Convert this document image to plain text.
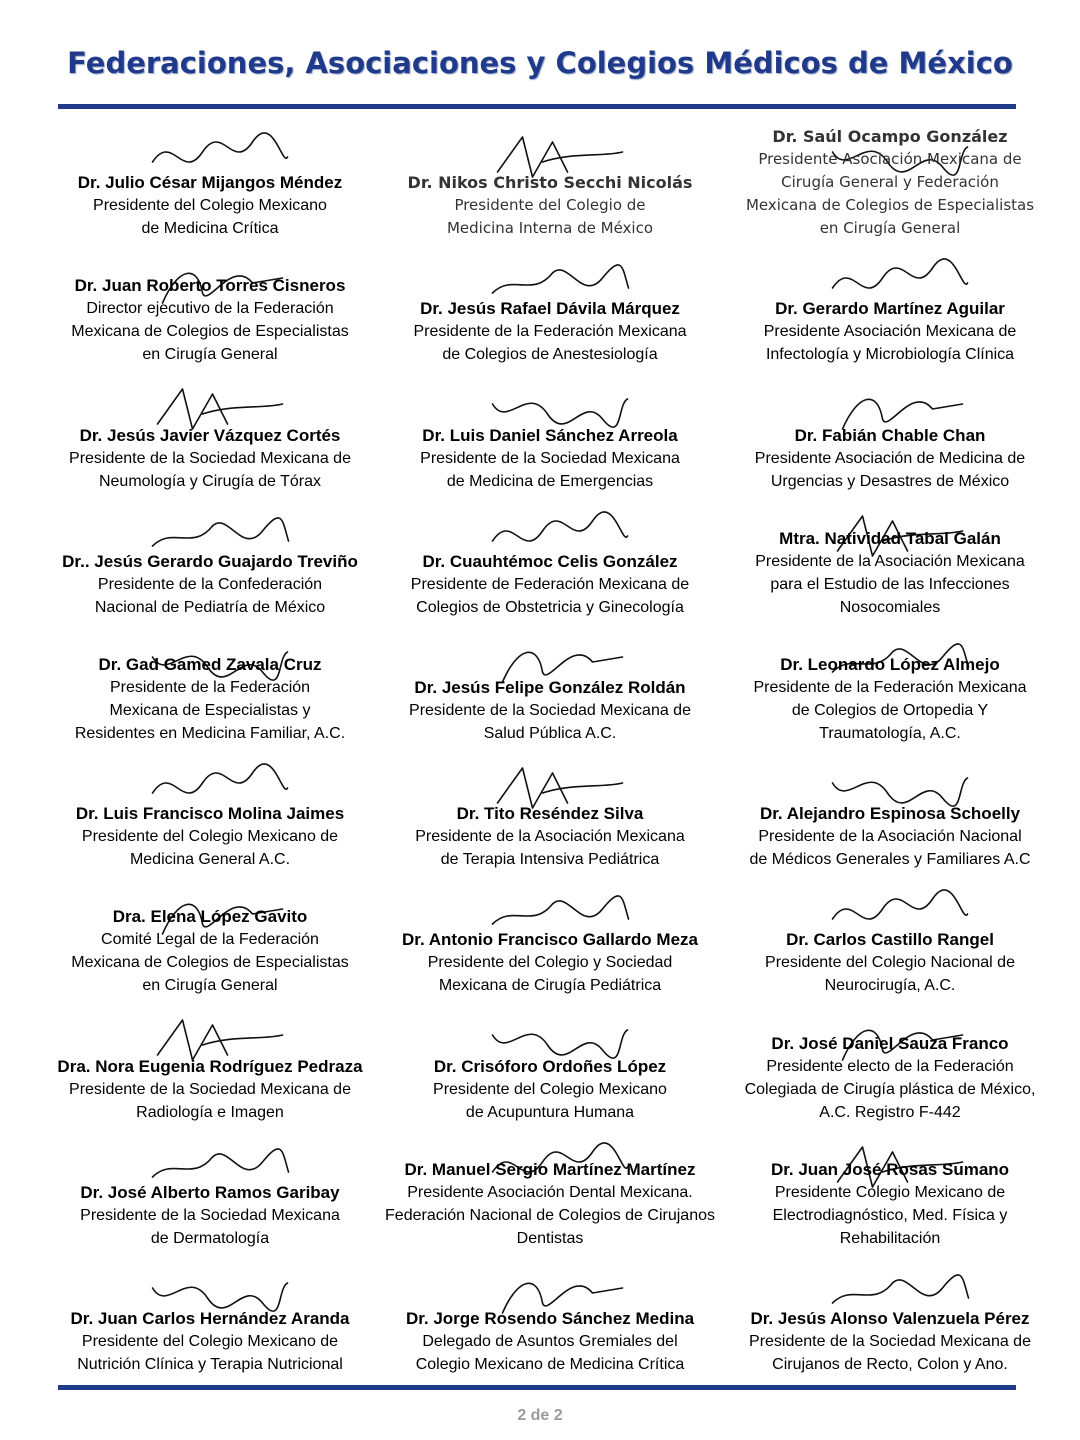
Federaciones, Asociaciones y Colegios Médicos de México
Dr. Julio César Mijangos Méndez
Presidente del Colegio Mexicano
de Medicina Crítica
Dr. Nikos Christo Secchi Nicolás
Presidente del Colegio de
Medicina Interna de México
Dr. Saúl Ocampo González
Presidente Asociación Mexicana de
Cirugía General y Federación
Mexicana de Colegios de Especialistas
en Cirugía General
Dr. Juan Roberto Torres Cisneros
Director ejecutivo de la Federación
Mexicana de Colegios de Especialistas
en Cirugía General
Dr. Jesús Rafael Dávila Márquez
Presidente de la Federación Mexicana
de Colegios de Anestesiología
Dr. Gerardo Martínez Aguilar
Presidente Asociación Mexicana de
Infectología y Microbiología Clínica
Dr. Jesús Javier Vázquez Cortés
Presidente de la Sociedad Mexicana de
Neumología y Cirugía de Tórax
Dr. Luis Daniel Sánchez Arreola
Presidente de la Sociedad Mexicana
de Medicina de Emergencias
Dr. Fabián Chable Chan
Presidente Asociación de Medicina de
Urgencias y Desastres de México
Dr.. Jesús Gerardo Guajardo Treviño
Presidente de la Confederación
Nacional de Pediatría de México
Dr. Cuauhtémoc Celis González
Presidente de Federación Mexicana de
Colegios de Obstetricia y Ginecología
Mtra. Natividad Tabal Galán
Presidente de la Asociación Mexicana
para el Estudio de las Infecciones
Nosocomiales
Dr. Gad Gamed Zavala Cruz
Presidente de la Federación
Mexicana de Especialistas y
Residentes en Medicina Familiar, A.C.
Dr. Jesús Felipe González Roldán
Presidente de la Sociedad Mexicana de
Salud Pública A.C.
Dr. Leonardo López Almejo
Presidente de la Federación Mexicana
de Colegios de Ortopedia Y
Traumatología, A.C.
Dr. Luis Francisco Molina Jaimes
Presidente del Colegio Mexicano de
Medicina General A.C.
Dr. Tito Reséndez Silva
Presidente de la Asociación Mexicana
de Terapia Intensiva Pediátrica
Dr. Alejandro Espinosa Schoelly
Presidente de la Asociación Nacional
de Médicos Generales y Familiares A.C
Dra. Elena López Gavito
Comité Legal de la Federación
Mexicana de Colegios de Especialistas
en Cirugía General
Dr. Antonio Francisco Gallardo Meza
Presidente del Colegio y Sociedad
Mexicana de Cirugía Pediátrica
Dr. Carlos Castillo Rangel
Presidente del Colegio Nacional de
Neurocirugía, A.C.
Dra. Nora Eugenia Rodríguez Pedraza
Presidente de la Sociedad Mexicana de
Radiología e Imagen
Dr. Crisóforo Ordoñes López
Presidente del Colegio Mexicano
de Acupuntura Humana
Dr. José Daniel Sauza Franco
Presidente electo de la Federación
Colegiada de Cirugía plástica de México,
A.C. Registro F-442
Dr. José Alberto Ramos Garibay
Presidente de la Sociedad Mexicana
de Dermatología
Dr. Manuel Sergio Martínez Martínez
Presidente Asociación Dental Mexicana.
Federación Nacional de Colegios de Cirujanos
Dentistas
Dr. Juan José Rosas Sumano
Presidente Colegio Mexicano de
Electrodiagnóstico, Med. Física y
Rehabilitación
Dr. Juan Carlos Hernández Aranda
Presidente del Colegio Mexicano de
Nutrición Clínica y Terapia Nutricional
Dr. Jorge Rosendo Sánchez Medina
Delegado de Asuntos Gremiales del
Colegio Mexicano de Medicina Crítica
Dr. Jesús Alonso Valenzuela Pérez
Presidente de la Sociedad Mexicana de
Cirujanos de Recto, Colon y Ano.
2 de 2
